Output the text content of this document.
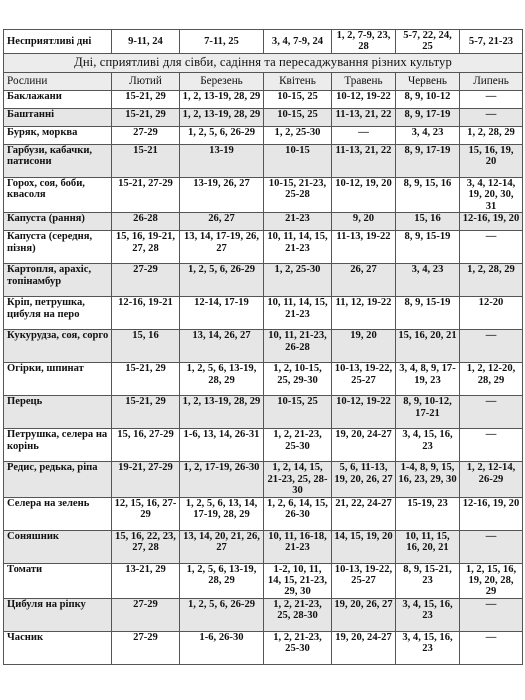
Несприятливі дні	9-11, 24	7-11, 25	3, 4, 7-9, 24	1, 2, 7-9, 23, 28	5-7, 22, 24, 25	5-7, 21-23
Дні, сприятливі для сівби, садіння та пересаджування різних культур						
Рослини	Лютий	Березень	Квітень	Травень	Червень	Липень
Баклажани	15-21, 29	1, 2, 13-19, 28, 29	10-15, 25	10-12, 19-22	8, 9, 10-12	—
Баштанні	15-21, 29	1, 2, 13-19, 28, 29	10-15, 25	11-13, 21, 22	8, 9, 17-19	—
Буряк, морква	27-29	1, 2, 5, 6, 26-29	1, 2, 25-30	—	3, 4, 23	1, 2, 28, 29
Гарбузи, кабачки, патисони	15-21	13-19	10-15	11-13, 21, 22	8, 9, 17-19	15, 16, 19, 20
Горох, соя, боби, квасоля	15-21, 27-29	13-19, 26, 27	10-15, 21-23, 25-28	10-12, 19, 20	8, 9, 15, 16	3, 4, 12-14, 19, 20, 30, 31
Капуста (рання)	26-28	26, 27	21-23	9, 20	15, 16	12-16, 19, 20
Капуста (середня, пізня)	15, 16, 19-21, 27, 28	13, 14, 17-19, 26, 27	10, 11, 14, 15, 21-23	11-13, 19-22	8, 9, 15-19	—
Картопля, арахіс, топінамбур	27-29	1, 2, 5, 6, 26-29	1, 2, 25-30	26, 27	3, 4, 23	1, 2, 28, 29
Кріп, петрушка, цибуля на перо	12-16, 19-21	12-14, 17-19	10, 11, 14, 15, 21-23	11, 12, 19-22	8, 9, 15-19	12-20
Кукурудза, соя, сорго	15, 16	13, 14, 26, 27	10, 11, 21-23, 26-28	19, 20	15, 16, 20, 21	—
Огірки, шпинат	15-21, 29	1, 2, 5, 6, 13-19, 28, 29	1, 2, 10-15, 25, 29-30	10-13, 19-22, 25-27	3, 4, 8, 9, 17-19, 23	1, 2, 12-20, 28, 29
Перець	15-21, 29	1, 2, 13-19, 28, 29	10-15, 25	10-12, 19-22	8, 9, 10-12, 17-21	—
Петрушка, селера на корінь	15, 16, 27-29	1-6, 13, 14, 26-31	1, 2, 21-23, 25-30	19, 20, 24-27	3, 4, 15, 16, 23	—
Редис, редька, ріпа	19-21, 27-29	1, 2, 17-19, 26-30	1, 2, 14, 15, 21-23, 25, 28-30	5, 6, 11-13, 19, 20, 26, 27	1-4, 8, 9, 15, 16, 23, 29, 30	1, 2, 12-14, 26-29
Селера на зелень	12, 15, 16, 27-29	1, 2, 5, 6, 13, 14, 17-19, 28, 29	1, 2, 6, 14, 15, 26-30	21, 22, 24-27	15-19, 23	12-16, 19, 20
Соняшник	15, 16, 22, 23, 27, 28	13, 14, 20, 21, 26, 27	10, 11, 16-18, 21-23	14, 15, 19, 20	10, 11, 15, 16, 20, 21	—
Томати	13-21, 29	1, 2, 5, 6, 13-19, 28, 29	1-2, 10, 11, 14, 15, 21-23, 29, 30	10-13, 19-22, 25-27	8, 9, 15-21, 23	1, 2, 15, 16, 19, 20, 28, 29
Цибуля на ріпку	27-29	1, 2, 5, 6, 26-29	1, 2, 21-23, 25, 28-30	19, 20, 26, 27	3, 4, 15, 16, 23	—
Часник	27-29	1-6, 26-30	1, 2, 21-23, 25-30	19, 20, 24-27	3, 4, 15, 16, 23	—
